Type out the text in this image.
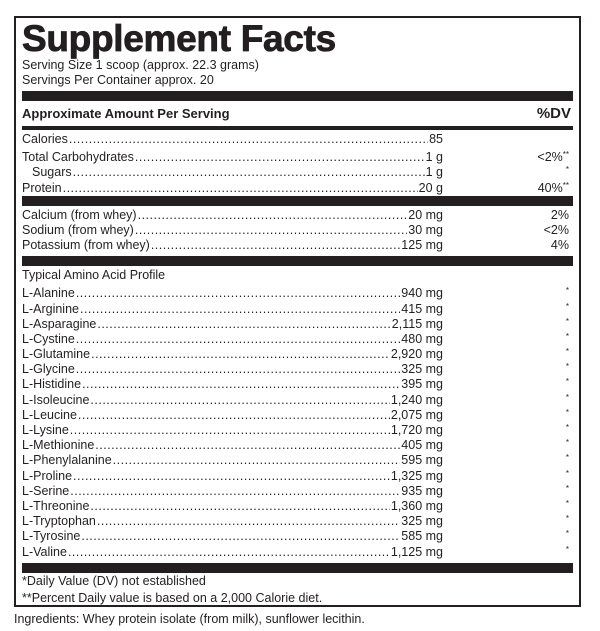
Supplement Facts
Serving Size 1 scoop (approx. 22.3 grams)
Servings Per Container approx. 20
Approximate Amount Per Serving	%DV
Calories .....	85
Total Carbohydrates .....	1 g	<2%**
Sugars .....	1 g	*
Protein .....	20 g	40%**
Calcium (from whey) .....	20 mg	2%
Sodium (from whey) .....	30 mg	<2%
Potassium (from whey) .....	125 mg	4%
Typical Amino Acid Profile
L-Alanine .....	940 mg	*
L-Arginine .....	415 mg	*
L-Asparagine .....	2,115 mg	*
L-Cystine .....	480 mg	*
L-Glutamine .....	2,920 mg	*
L-Glycine .....	325 mg	*
L-Histidine .....	395 mg	*
L-Isoleucine .....	1,240 mg	*
L-Leucine .....	2,075 mg	*
L-Lysine .....	1,720 mg	*
L-Methionine .....	405 mg	*
L-Phenylalanine .....	595 mg	*
L-Proline .....	1,325 mg	*
L-Serine .....	935 mg	*
L-Threonine .....	1,360 mg	*
L-Tryptophan .....	325 mg	*
L-Tyrosine .....	585 mg	*
L-Valine .....	1,125 mg	*
*Daily Value (DV) not established
**Percent Daily value is based on a 2,000 Calorie diet.
Ingredients: Whey protein isolate (from milk), sunflower lecithin.
